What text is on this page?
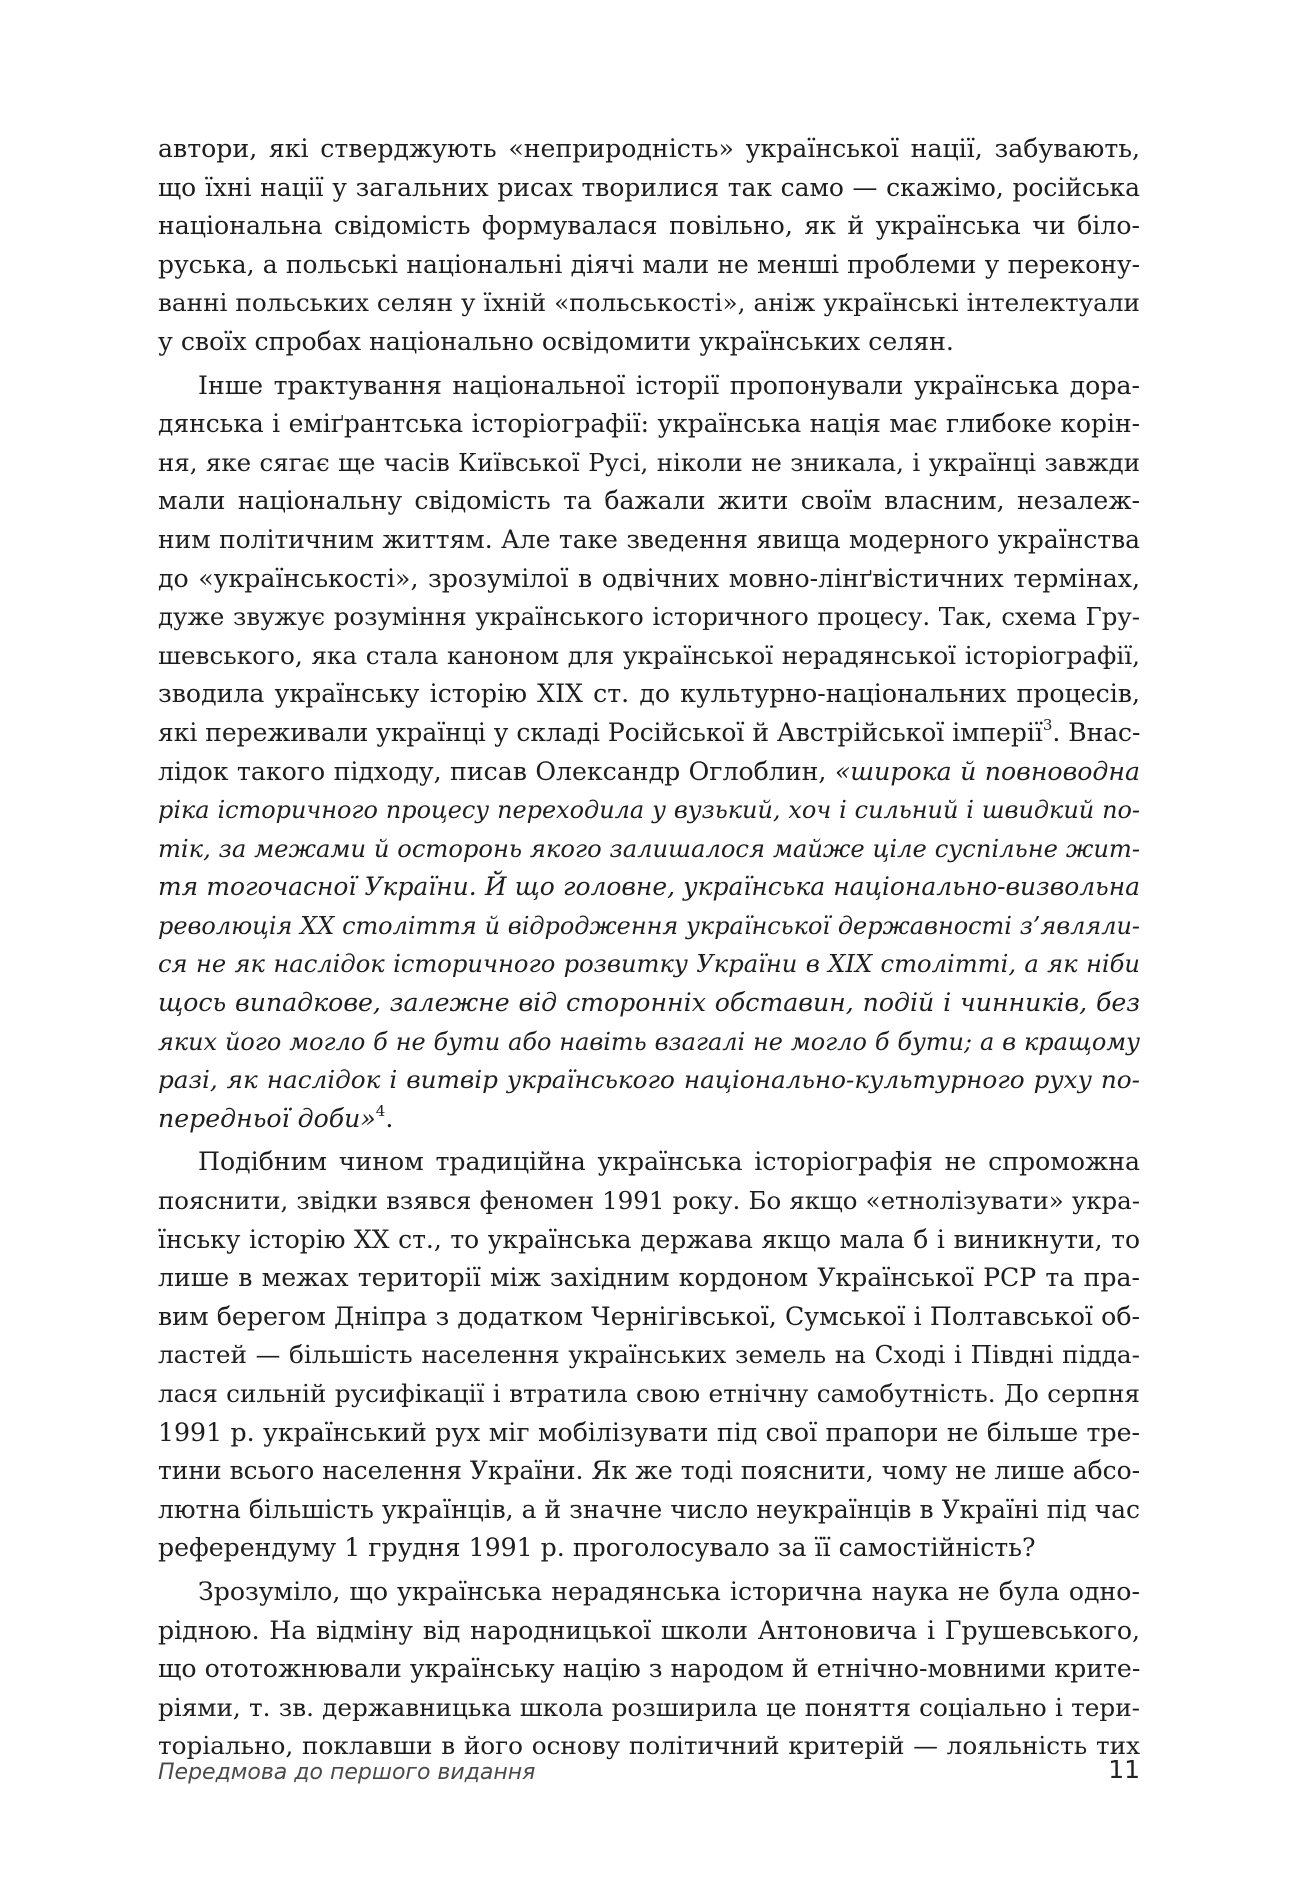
автори, які стверджують «неприродність» української нації, забувають,
що їхні нації у загальних рисах творилися так само — скажімо, російська
національна свідомість формувалася повільно, як й українська чи біло-
руська, а польські національні діячі мали не менші проблеми у перекону-
ванні польських селян у їхній «польськості», аніж українські інтелектуали
у своїх спробах національно освідомити українських селян.
Інше трактування національної історії пропонували українська дора-
дянська і еміґрантська історіографії: українська нація має глибоке корін-
ня, яке сягає ще часів Київської Русі, ніколи не зникала, і українці завжди
мали національну свідомість та бажали жити своїм власним, незалеж-
ним політичним життям. Але таке зведення явища модерного українства
до «українськості», зрозумілої в одвічних мовно-лінґвістичних термінах,
дуже звужує розуміння українського історичного процесу. Так, схема Гру-
шевського, яка стала каноном для української нерадянської історіографії,
зводила українську історію ХІХ ст. до культурно-національних процесів,
які переживали українці у складі Російської й Австрійської імперії$^3$. Внас-
лідок такого підходу, писав Олександр Оглоблин, «широка й повноводна
ріка історичного процесу переходила у вузький, хоч і сильний і швидкий по-
тік, за межами й осторонь якого залишалося майже ціле суспільне жит-
тя тогочасної України. Й що головне, українська національно-визвольна
революція ХХ століття й відродження української державності з’являли-
ся не як наслідок історичного розвитку України в ХІХ столітті, а як ніби
щось випадкове, залежне від сторонніх обставин, подій і чинників, без
яких його могло б не бути або навіть взагалі не могло б бути; а в кращому
разі, як наслідок і витвір українського національно-культурного руху по-
передньої доби»$^4$.
Подібним чином традиційна українська історіографія не спроможна
пояснити, звідки взявся феномен 1991 року. Бо якщо «етнолізувати» укра-
їнську історію ХХ ст., то українська держава якщо мала б і виникнути, то
лише в межах території між західним кордоном Української РСР та пра-
вим берегом Дніпра з додатком Чернігівської, Сумської і Полтавської об-
ластей — більшість населення українських земель на Сході і Півдні підда-
лася сильній русифікації і втратила свою етнічну самобутність. До серпня
1991 р. український рух міг мобілізувати під свої прапори не більше тре-
тини всього населення України. Як же тоді пояснити, чому не лише абсо-
лютна більшість українців, а й значне число неукраїнців в Україні під час
референдуму 1 грудня 1991 р. проголосувало за її самостійність?
Зрозуміло, що українська нерадянська історична наука не була одно-
рідною. На відміну від народницької школи Антоновича і Грушевського,
що ототожнювали українську націю з народом й етнічно-мовними крите-
ріями, т. зв. державницька школа розширила це поняття соціально і тери-
торіально, поклавши в його основу політичний критерій — лояльність тих
Передмова до першого видання	11
